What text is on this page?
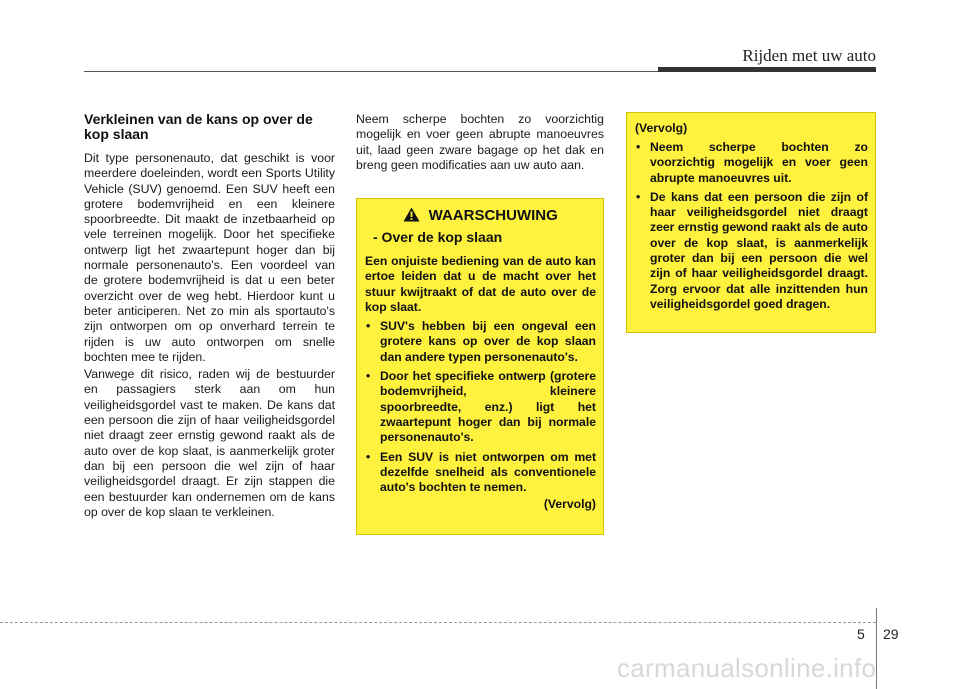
Rijden met uw auto
Verkleinen van de kans op over de kop slaan

Dit type personenauto, dat geschikt is voor meerdere doeleinden, wordt een Sports Utility Vehicle (SUV) genoemd. Een SUV heeft een grotere bodemvrijheid en een kleinere spoorbreedte. Dit maakt de inzetbaarheid op vele terreinen mogelijk. Door het specifieke ontwerp ligt het zwaartepunt hoger dan bij normale personenauto's. Een voordeel van de grotere bodemvrijheid is dat u een beter overzicht over de weg hebt. Hierdoor kunt u beter anticiperen. Net zo min als sportauto's zijn ontworpen om op onverhard terrein te rijden is uw auto ontworpen om snelle bochten mee te rijden.

Vanwege dit risico, raden wij de bestuurder en passagiers sterk aan om hun veiligheidsgordel vast te maken. De kans dat een persoon die zijn of haar veiligheidsgordel niet draagt zeer ernstig gewond raakt als de auto over de kop slaat, is aanmerkelijk groter dan bij een persoon die wel zijn of haar veiligheidsgordel draagt. Er zijn stappen die een bestuurder kan ondernemen om de kans op over de kop slaan te verkleinen.

Neem scherpe bochten zo voorzichtig mogelijk en voer geen abrupte manoeuvres uit, laad geen zware bagage op het dak en breng geen modificaties aan uw auto aan.

WAARSCHUWING
- Over de kop slaan

Een onjuiste bediening van de auto kan ertoe leiden dat u de macht over het stuur kwijtraakt of dat de auto over de kop slaat.

• SUV's hebben bij een ongeval een grotere kans op over de kop slaan dan andere typen personenauto's.
• Door het specifieke ontwerp (grotere bodemvrijheid, kleinere spoorbreedte, enz.) ligt het zwaartepunt hoger dan bij normale personenauto's.
• Een SUV is niet ontworpen om met dezelfde snelheid als conventionele auto's bochten te nemen.
(Vervolg)
(Vervolg)
• Neem scherpe bochten zo voorzichtig mogelijk en voer geen abrupte manoeuvres uit.
• De kans dat een persoon die zijn of haar veiligheidsgordel niet draagt zeer ernstig gewond raakt als de auto over de kop slaat, is aanmerkelijk groter dan bij een persoon die wel zijn of haar veiligheidsgordel draagt. Zorg ervoor dat alle inzittenden hun veiligheidsgordel goed dragen.
5 29
carmanualsonline.info
